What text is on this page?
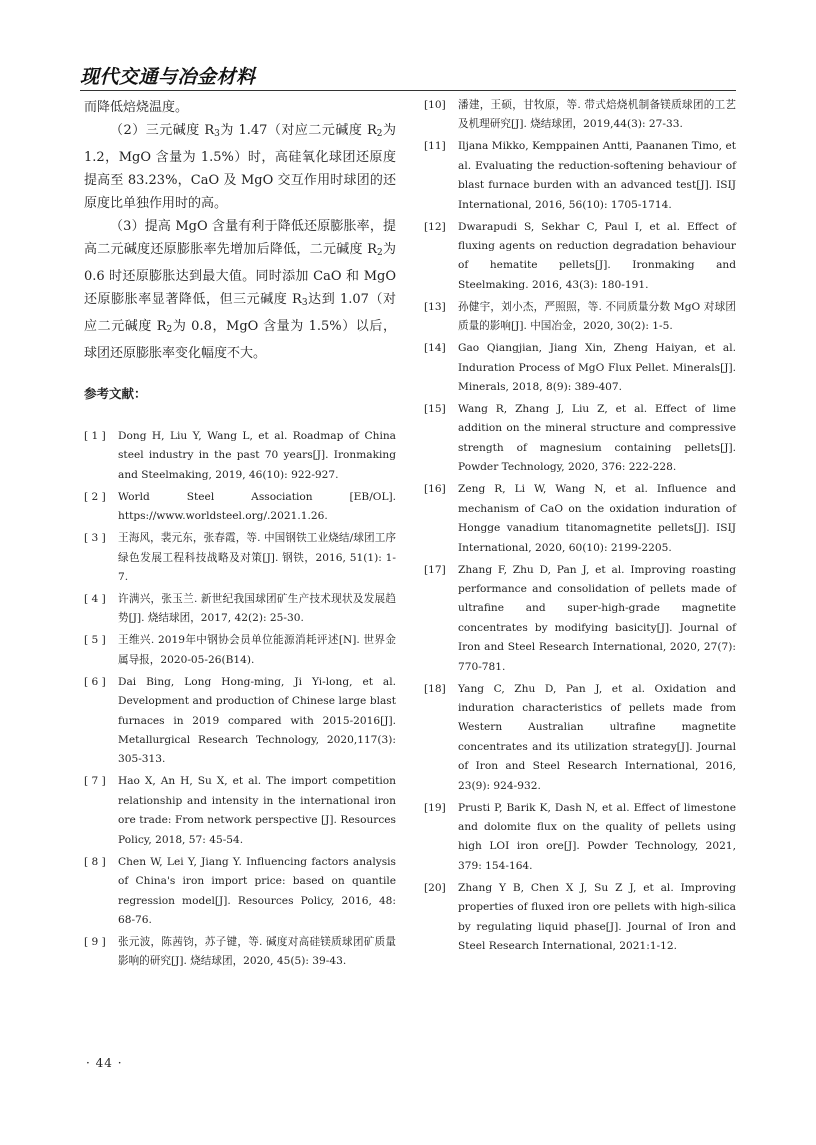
现代交通与冶金材料

而降低焙烧温度。

（2）三元碱度 $R_3$为 1.47（对应二元碱度 $R_2$为 1.2，MgO 含量为 1.5%）时，高硅氧化球团还原度提高至 83.23%，CaO 及 MgO 交互作用时球团的还原度比单独作用时的高。

（3）提高 MgO 含量有利于降低还原膨胀率，提高二元碱度还原膨胀率先增加后降低，二元碱度 $R_2$为 0.6 时还原膨胀达到最大值。同时添加 CaO 和 MgO 还原膨胀率显著降低，但三元碱度 $R_3$达到 1.07（对应二元碱度 $R_2$为 0.8，MgO 含量为 1.5%）以后，球团还原膨胀率变化幅度不大。

参考文献：
[ 1 ]	Dong H, Liu Y, Wang L, et al. Roadmap of China steel industry in the past 70 years[J]. Ironmaking and Steelmaking, 2019, 46(10): 922-927.
[ 2 ]	World Steel Association [EB/OL]. https://www.worldsteel.org/.2021.1.26.
[ 3 ]	王海风，裴元东，张春霞，等. 中国钢铁工业烧结/球团工序绿色发展工程科技战略及对策[J]. 钢铁，2016, 51(1): 1-7.
[ 4 ]	许满兴，张玉兰. 新世纪我国球团矿生产技术现状及发展趋势[J]. 烧结球团，2017, 42(2): 25-30.
[ 5 ]	王维兴. 2019年中钢协会员单位能源消耗评述[N]. 世界金属导报，2020-05-26(B14).
[ 6 ]	Dai Bing, Long Hong-ming, Ji Yi-long, et al. Development and production of Chinese large blast furnaces in 2019 compared with 2015-2016[J]. Metallurgical Research Technology, 2020,117(3): 305-313.
[ 7 ]	Hao X, An H, Su X, et al. The import competition relationship and intensity in the international iron ore trade: From network perspective [J]. Resources Policy, 2018, 57: 45-54.
[ 8 ]	Chen W, Lei Y, Jiang Y. Influencing factors analysis of China's iron import price: based on quantile regression model[J]. Resources Policy, 2016, 48: 68-76.
[ 9 ]	张元波，陈茜钧，苏子键，等. 碱度对高硅镁质球团矿质量影响的研究[J]. 烧结球团，2020, 45(5): 39-43.
[10]	潘建，王硕，甘牧原，等. 带式焙烧机制备镁质球团的工艺及机理研究[J]. 烧结球团，2019,44(3): 27-33.
[11]	Iljana Mikko, Kemppainen Antti, Paananen Timo, et al. Evaluating the reduction-softening behaviour of blast furnace burden with an advanced test[J]. ISIJ International, 2016, 56(10): 1705-1714.
[12]	Dwarapudi S, Sekhar C, Paul I, et al. Effect of fluxing agents on reduction degradation behaviour of hematite pellets[J]. Ironmaking and Steelmaking. 2016, 43(3): 180-191.
[13]	孙健宇，刘小杰，严照照，等. 不同质量分数 MgO 对球团质量的影响[J]. 中国冶金，2020, 30(2): 1-5.
[14]	Gao Qiangjian, Jiang Xin, Zheng Haiyan, et al. Induration Process of MgO Flux Pellet. Minerals[J]. Minerals, 2018, 8(9): 389-407.
[15]	Wang R, Zhang J, Liu Z, et al. Effect of lime addition on the mineral structure and compressive strength of magnesium containing pellets[J]. Powder Technology, 2020, 376: 222-228.
[16]	Zeng R, Li W, Wang N, et al. Influence and mechanism of CaO on the oxidation induration of Hongge vanadium titanomagnetite pellets[J]. ISIJ International, 2020, 60(10): 2199-2205.
[17]	Zhang F, Zhu D, Pan J, et al. Improving roasting performance and consolidation of pellets made of ultrafine and super-high-grade magnetite concentrates by modifying basicity[J]. Journal of Iron and Steel Research International, 2020, 27(7): 770-781.
[18]	Yang C, Zhu D, Pan J, et al. Oxidation and induration characteristics of pellets made from Western Australian ultrafine magnetite concentrates and its utilization strategy[J]. Journal of Iron and Steel Research International, 2016, 23(9): 924-932.
[19]	Prusti P, Barik K, Dash N, et al. Effect of limestone and dolomite flux on the quality of pellets using high LOI iron ore[J]. Powder Technology, 2021, 379: 154-164.
[20]	Zhang Y B, Chen X J, Su Z J, et al. Improving properties of fluxed iron ore pellets with high-silica by regulating liquid phase[J]. Journal of Iron and Steel Research International, 2021:1-12.
· 44 ·
